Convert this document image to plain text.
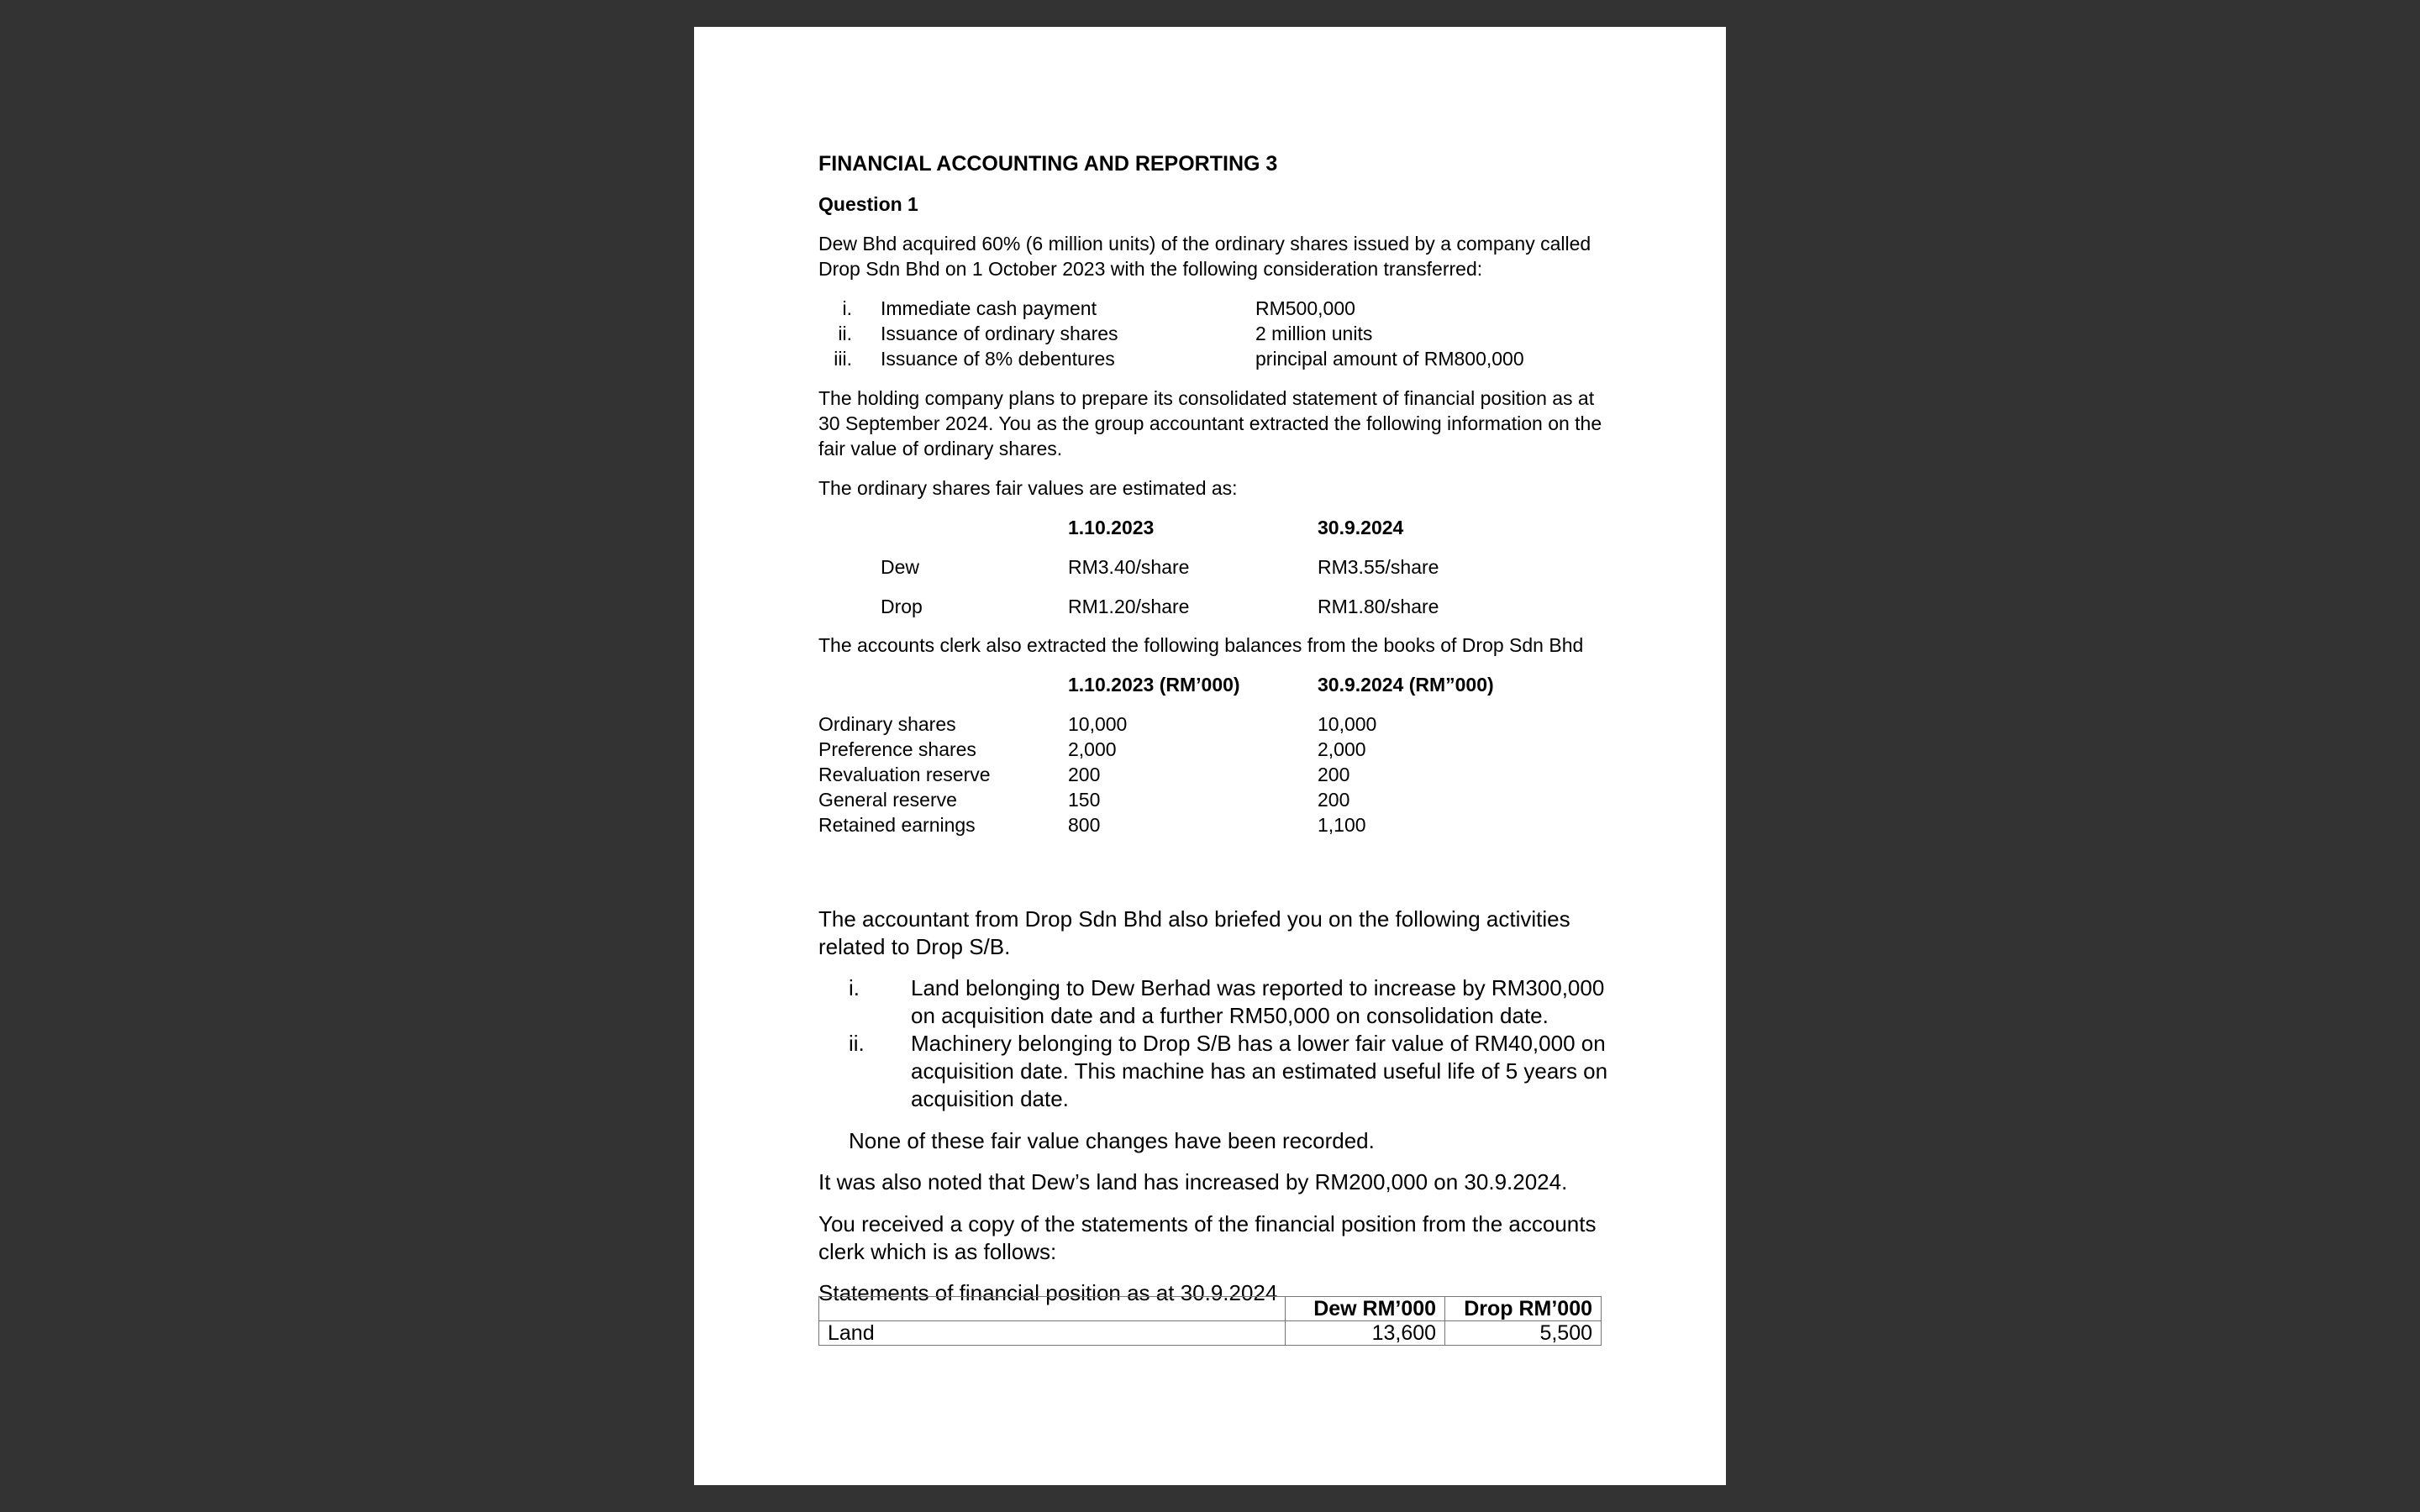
FINANCIAL ACCOUNTING AND REPORTING 3
Question 1
Dew Bhd acquired 60% (6 million units) of the ordinary shares issued by a company called
Drop Sdn Bhd on 1 October 2023 with the following consideration transferred:
i. Immediate cash payment	RM500,000
ii. Issuance of ordinary shares	2 million units
iii. Issuance of 8% debentures	principal amount of RM800,000
The holding company plans to prepare its consolidated statement of financial position as at
30 September 2024. You as the group accountant extracted the following information on the
fair value of ordinary shares.
The ordinary shares fair values are estimated as:
1.10.2023	30.9.2024
Dew	RM3.40/share	RM3.55/share
Drop	RM1.20/share	RM1.80/share
The accounts clerk also extracted the following balances from the books of Drop Sdn Bhd
1.10.2023 (RM’000)	30.9.2024 (RM”000)
Ordinary shares	10,000	10,000
Preference shares	2,000	2,000
Revaluation reserve	200	200
General reserve	150	200
Retained earnings	800	1,100
The accountant from Drop Sdn Bhd also briefed you on the following activities
related to Drop S/B.
i. Land belonging to Dew Berhad was reported to increase by RM300,000
on acquisition date and a further RM50,000 on consolidation date.
ii. Machinery belonging to Drop S/B has a lower fair value of RM40,000 on
acquisition date. This machine has an estimated useful life of 5 years on
acquisition date.
None of these fair value changes have been recorded.
It was also noted that Dew’s land has increased by RM200,000 on 30.9.2024.
You received a copy of the statements of the financial position from the accounts
clerk which is as follows:
Statements of financial position as at 30.9.2024
	Dew RM’000	Drop RM’000
Land	13,600	5,500
